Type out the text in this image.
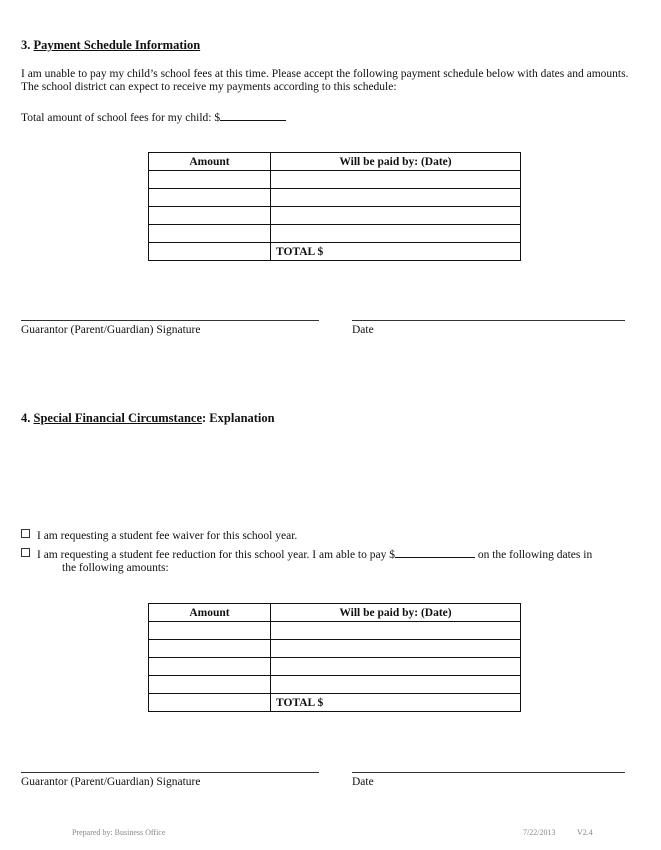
3. Payment Schedule Information
I am unable to pay my child’s school fees at this time. Please accept the following payment schedule below with dates and amounts. The school district can expect to receive my payments according to this schedule:
Total amount of school fees for my child: $
Amount	Will be paid by: (Date)

	TOTAL $
Guarantor (Parent/Guardian) Signature	Date
4. Special Financial Circumstance: Explanation
I am requesting a student fee waiver for this school year.
I am requesting a student fee reduction for this school year. I am able to pay $	on the following dates in
the following amounts:
Amount	Will be paid by: (Date)

	TOTAL $
Guarantor (Parent/Guardian) Signature	Date
Prepared by: Business Office	7/22/2013	V2.4
